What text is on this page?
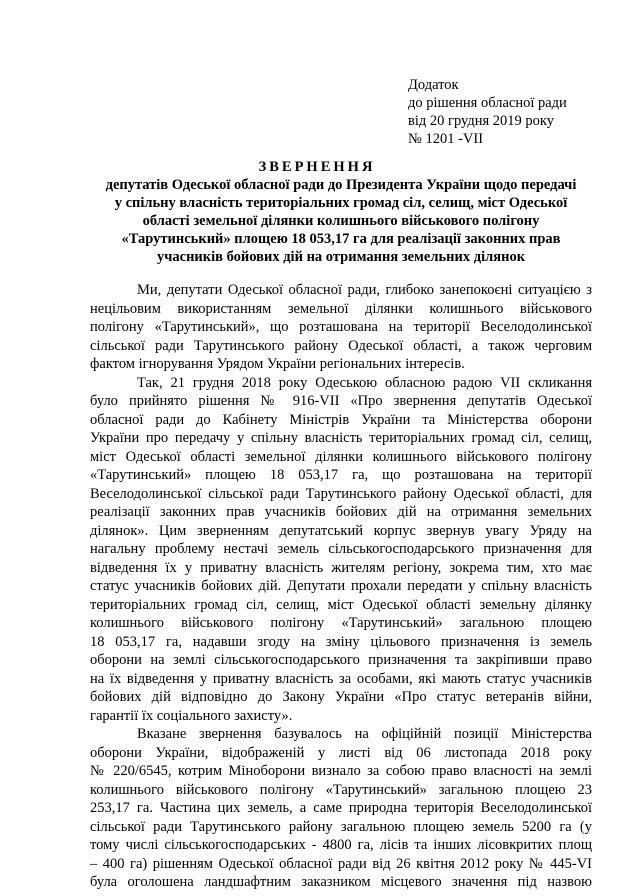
Додаток
до рішення обласної ради
від 20 грудня 2019 року
№ 1201 -VII
ЗВЕРНЕННЯ
депутатів Одеської обласної ради до Президента України щодо передачі
у спільну власність територіальних громад сіл, селищ, міст Одеської
області земельної ділянки колишнього військового полігону
«Тарутинський» площею 18 053,17 га для реалізації законних прав
учасників бойових дій на отримання земельних ділянок
Ми, депутати Одеської обласної ради, глибоко занепокоєні ситуацією з
нецільовим використанням земельної ділянки колишнього військового
полігону «Тарутинський», що розташована на території Веселодолинської
сільської ради Тарутинського району Одеської області, а також черговим
фактом ігнорування Урядом України регіональних інтересів.
Так, 21 грудня 2018 року Одеською обласною радою VII скликання
було прийнято рішення № 916-VII «Про звернення депутатів Одеської
обласної ради до Кабінету Міністрів України та Міністерства оборони
України про передачу у спільну власність територіальних громад сіл, селищ,
міст Одеської області земельної ділянки колишнього військового полігону
«Тарутинський» площею 18 053,17 га, що розташована на території
Веселодолинської сільської ради Тарутинського району Одеської області, для
реалізації законних прав учасників бойових дій на отримання земельних
ділянок». Цим зверненням депутатський корпус звернув увагу Уряду на
нагальну проблему нестачі земель сільськогосподарського призначення для
відведення їх у приватну власність жителям регіону, зокрема тим, хто має
статус учасників бойових дій. Депутати прохали передати у спільну власність
територіальних громад сіл, селищ, міст Одеської області земельну ділянку
колишнього військового полігону «Тарутинський» загальною площею
18 053,17 га, надавши згоду на зміну цільового призначення із земель
оборони на землі сільськогосподарського призначення та закріпивши право
на їх відведення у приватну власність за особами, які мають статус учасників
бойових дій відповідно до Закону України «Про статус ветеранів війни,
гарантії їх соціального захисту».
Вказане звернення базувалось на офіційній позиції Міністерства
оборони України, відображеній у листі від 06 листопада 2018 року
№ 220/6545, котрим Міноборони визнало за собою право власності на землі
колишнього військового полігону «Тарутинський» загальною площею 23
253,17 га. Частина цих земель, а саме природна територія Веселодолинської
сільської ради Тарутинського району загальною площею земель 5200 га (у
тому числі сільськогосподарських - 4800 га, лісів та інших лісовкритих площ
– 400 га) рішенням Одеської обласної ради від 26 квітня 2012 року № 445-VI
була оголошена ландшафтним заказником місцевого значення під назвою
